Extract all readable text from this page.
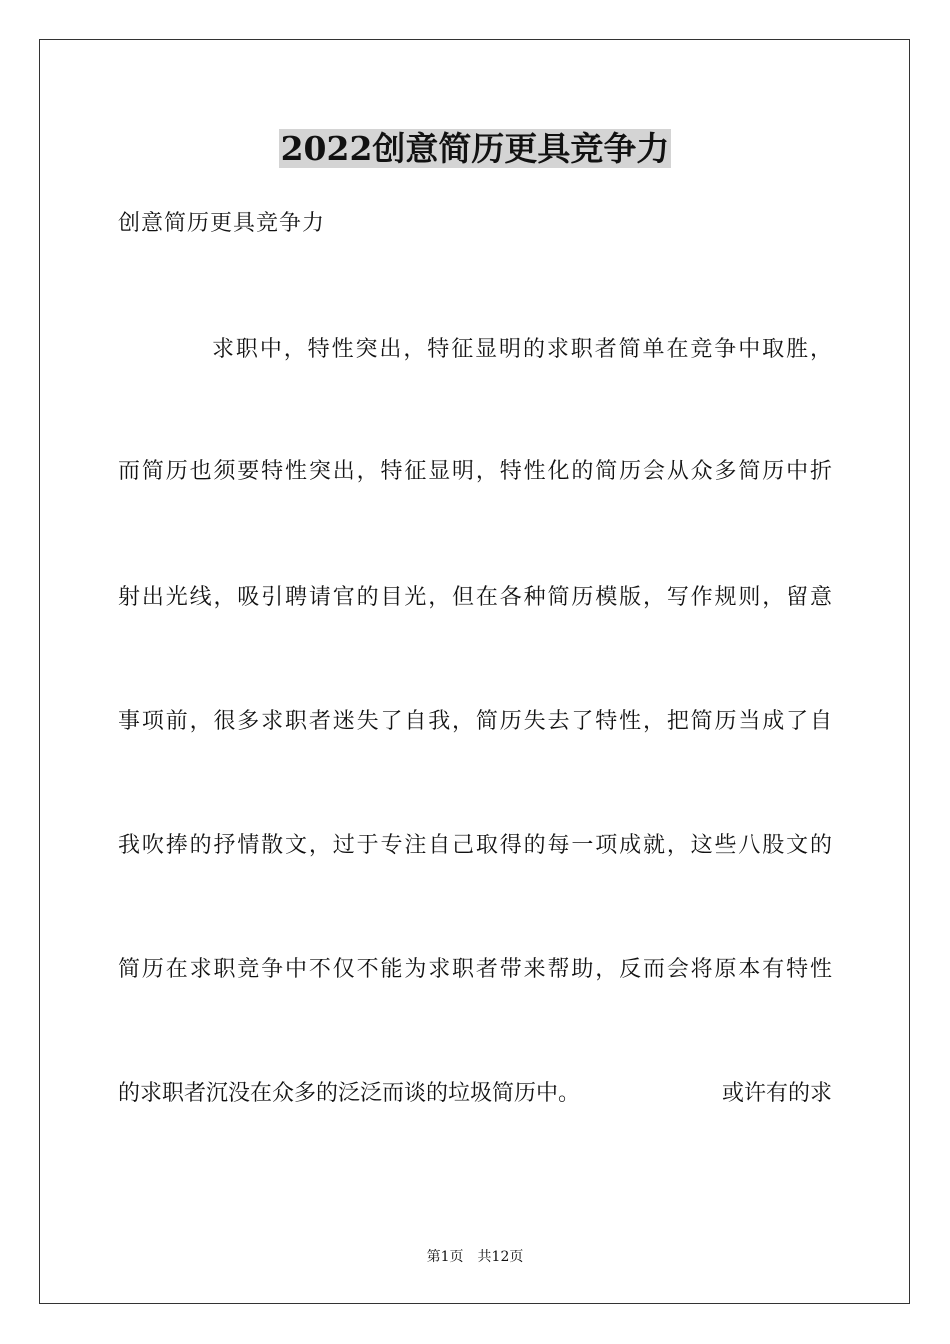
2022创意简历更具竞争力
创意简历更具竞争力
求职中，特性突出，特征显明的求职者简单在竞争中取胜，
而简历也须要特性突出，特征显明，特性化的简历会从众多简历中折
射出光线，吸引聘请官的目光，但在各种简历模版，写作规则，留意
事项前，很多求职者迷失了自我，简历失去了特性，把简历当成了自
我吹捧的抒情散文，过于专注自己取得的每一项成就，这些八股文的
简历在求职竞争中不仅不能为求职者带来帮助，反而会将原本有特性
的求职者沉没在众多的泛泛而谈的垃圾简历中。	或许有的求
第1页 共12页
